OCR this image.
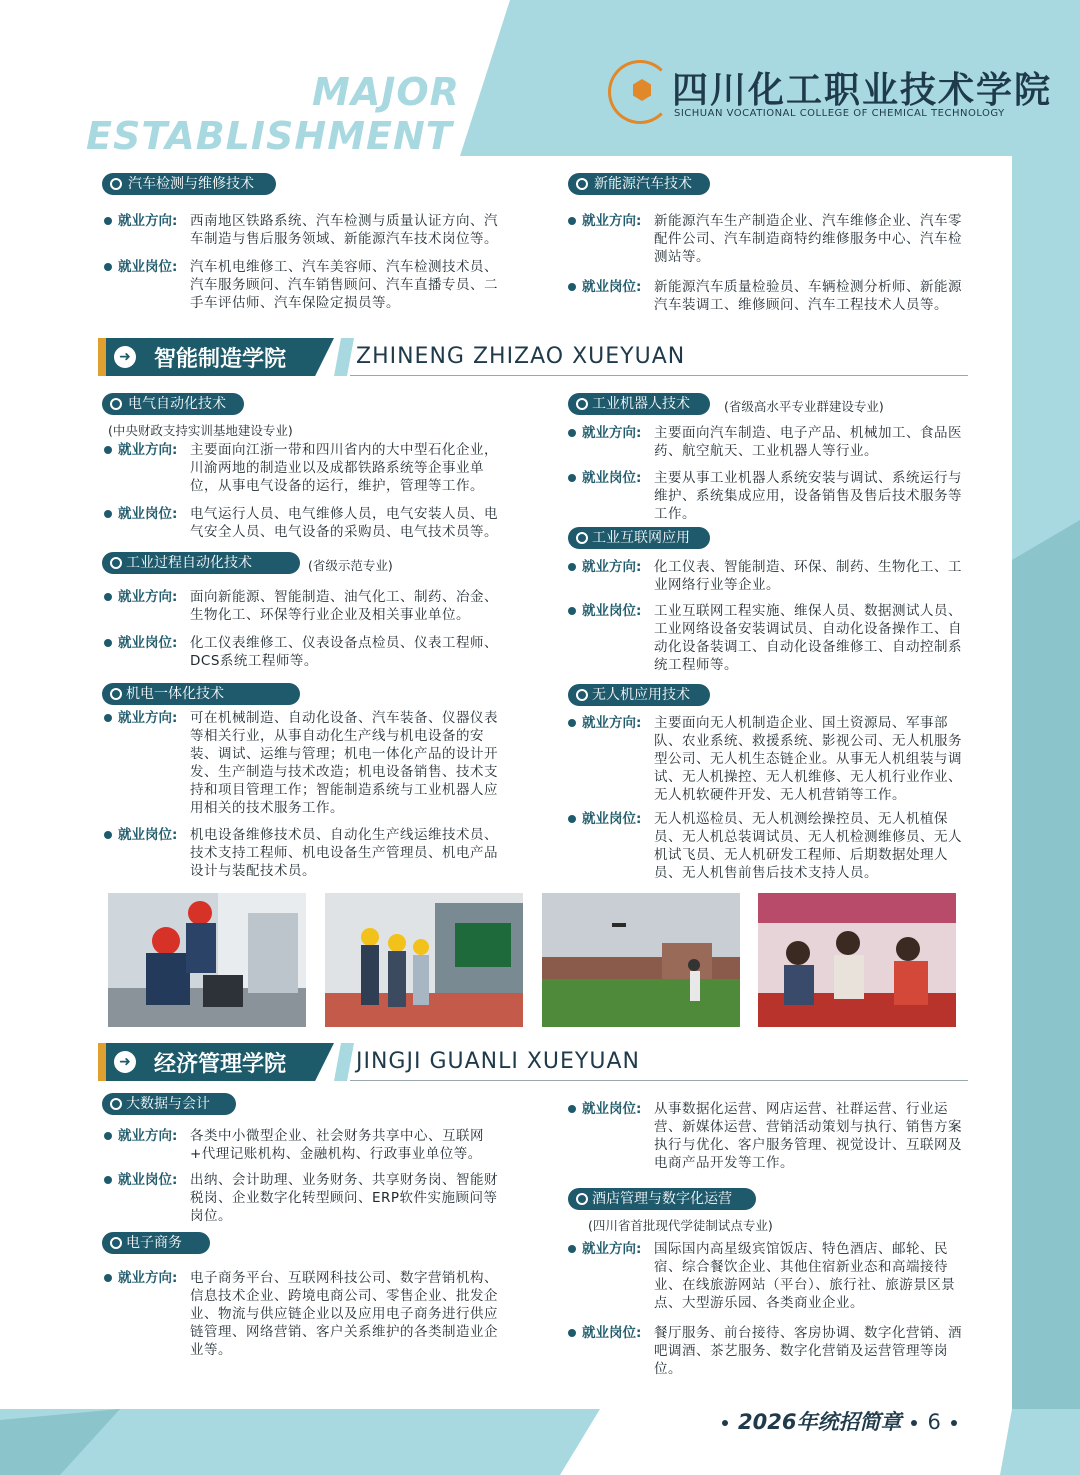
MAJOR
ESTABLISHMENT
四川化工职业技术学院
SICHUAN VOCATIONAL COLLEGE OF CHEMICAL TECHNOLOGY
汽车检测与维修技术
就业方向: 西南地区铁路系统、汽车检测与质量认证方向、汽车制造与售后服务领域、新能源汽车技术岗位等。
就业岗位: 汽车机电维修工、汽车美容师、汽车检测技术员、汽车服务顾问、汽车销售顾问、汽车直播专员、二手车评估师、汽车保险定损员等。
新能源汽车技术
就业方向: 新能源汽车生产制造企业、汽车维修企业、汽车零配件公司、汽车制造商特约维修服务中心、汽车检测站等。
就业岗位: 新能源汽车质量检验员、车辆检测分析师、新能源汽车装调工、维修顾问、汽车工程技术人员等。
➜ 智能制造学院	ZHINENG ZHIZAO XUEYUAN
电气自动化技术
(中央财政支持实训基地建设专业)
就业方向: 主要面向江浙一带和四川省内的大中型石化企业，川渝两地的制造业以及成都铁路系统等企事业单位，从事电气设备的运行，维护，管理等工作。
就业岗位: 电气运行人员、电气维修人员，电气安装人员、电气安全人员、电气设备的采购员、电气技术员等。
工业过程自动化技术	(省级示范专业)
就业方向: 面向新能源、智能制造、油气化工、制药、冶金、生物化工、环保等行业企业及相关事业单位。
就业岗位: 化工仪表维修工、仪表设备点检员、仪表工程师、DCS系统工程师等。
机电一体化技术
就业方向: 可在机械制造、自动化设备、汽车装备、仪器仪表等相关行业，从事自动化生产线与机电设备的安装、调试、运维与管理；机电一体化产品的设计开发、生产制造与技术改造；机电设备销售、技术支持和项目管理工作；智能制造系统与工业机器人应用相关的技术服务工作。
就业岗位: 机电设备维修技术员、自动化生产线运维技术员、技术支持工程师、机电设备生产管理员、机电产品设计与装配技术员。
工业机器人技术	(省级高水平专业群建设专业)
就业方向: 主要面向汽车制造、电子产品、机械加工、食品医药、航空航天、工业机器人等行业。
就业岗位: 主要从事工业机器人系统安装与调试、系统运行与维护、系统集成应用，设备销售及售后技术服务等工作。
工业互联网应用
就业方向: 化工仪表、智能制造、环保、制药、生物化工、工业网络行业等企业。
就业岗位: 工业互联网工程实施、维保人员、数据测试人员、工业网络设备安装调试员、自动化设备操作工、自动化设备装调工、自动化设备维修工、自动控制系统工程师等。
无人机应用技术
就业方向: 主要面向无人机制造企业、国土资源局、军事部队、农业系统、救援系统、影视公司、无人机服务型公司、无人机生态链企业。从事无人机组装与调试、无人机操控、无人机维修、无人机行业作业、无人机软硬件开发、无人机营销等工作。
就业岗位: 无人机巡检员、无人机测绘操控员、无人机植保员、无人机总装调试员、无人机检测维修员、无人机试飞员、无人机研发工程师、后期数据处理人员、无人机售前售后技术支持人员。
➜ 经济管理学院	JINGJI GUANLI XUEYUAN
大数据与会计
就业方向: 各类中小微型企业、社会财务共享中心、互联网+代理记账机构、金融机构、行政事业单位等。
就业岗位: 出纳、会计助理、业务财务、共享财务岗、智能财税岗、企业数字化转型顾问、ERP软件实施顾问等岗位。
电子商务
就业方向: 电子商务平台、互联网科技公司、数字营销机构、信息技术企业、跨境电商公司、零售企业、批发企业、物流与供应链企业以及应用电子商务进行供应链管理、网络营销、客户关系维护的各类制造业企业等。
就业岗位: 从事数据化运营、网店运营、社群运营、行业运营、新媒体运营、营销活动策划与执行、销售方案执行与优化、客户服务管理、视觉设计、互联网及电商产品开发等工作。
酒店管理与数字化运营
(四川省首批现代学徒制试点专业)
就业方向: 国际国内高星级宾馆饭店、特色酒店、邮轮、民宿、综合餐饮企业、其他住宿新业态和高端接待业、在线旅游网站（平台）、旅行社、旅游景区景点、大型游乐园、各类商业企业。
就业岗位: 餐厅服务、前台接待、客房协调、数字化营销、酒吧调酒、茶艺服务、数字化营销及运营管理等岗位。
2026年统招简章 6
